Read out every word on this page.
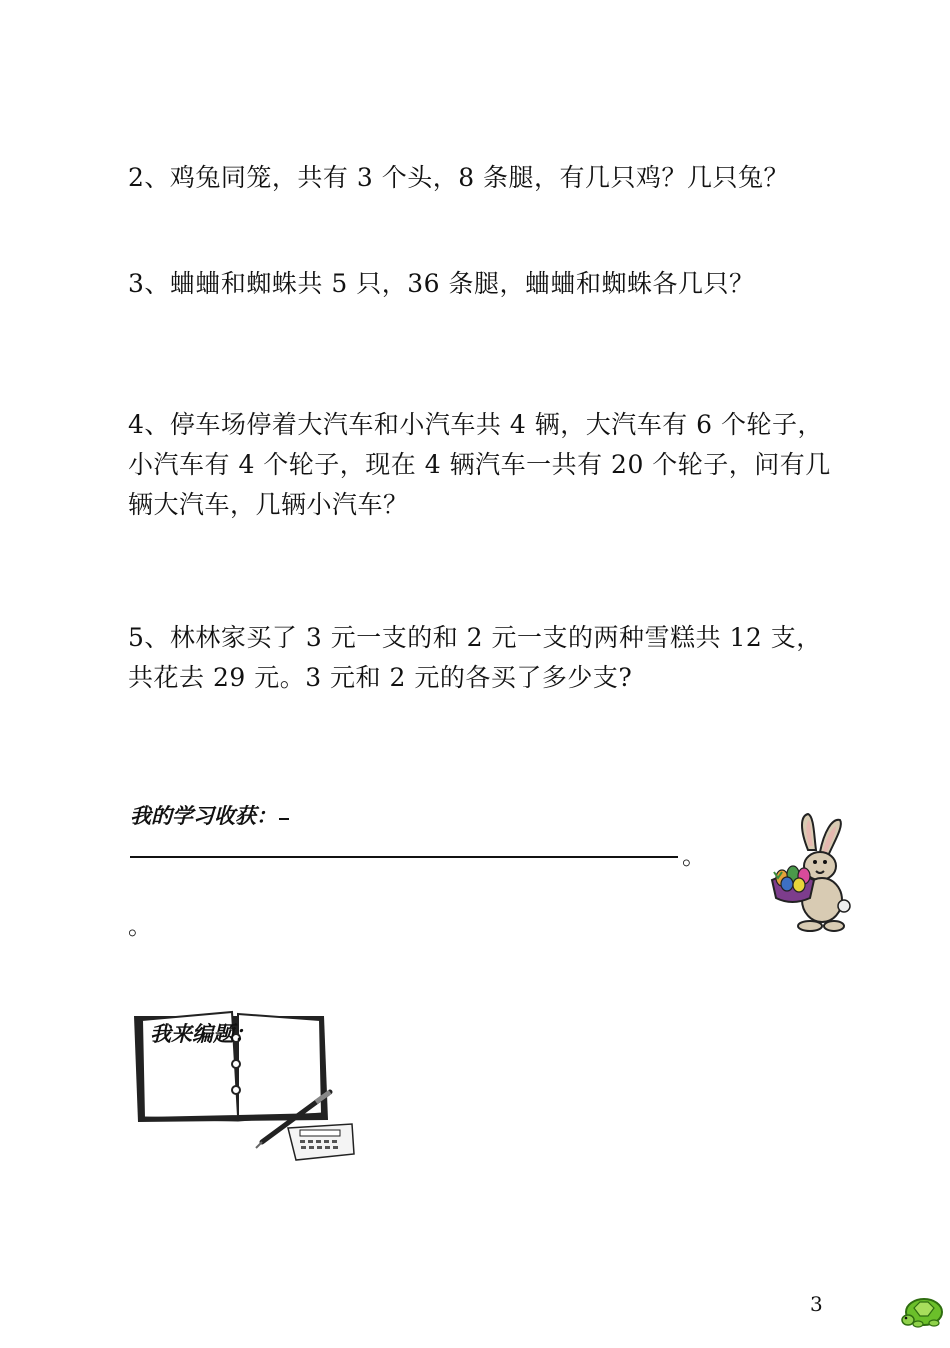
2、鸡兔同笼，共有 3 个头，8 条腿，有几只鸡？几只兔？
3、蛐蛐和蜘蛛共 5 只，36 条腿，蛐蛐和蜘蛛各几只？
4、停车场停着大汽车和小汽车共 4 辆，大汽车有 6 个轮子，
小汽车有 4 个轮子，现在 4 辆汽车一共有 20 个轮子，问有几
辆大汽车，几辆小汽车？
5、林林家买了 3 元一支的和 2 元一支的两种雪糕共 12 支，
共花去 29 元。3 元和 2 元的各买了多少支?
我的学习收获：
。
。
我来编题：
3
